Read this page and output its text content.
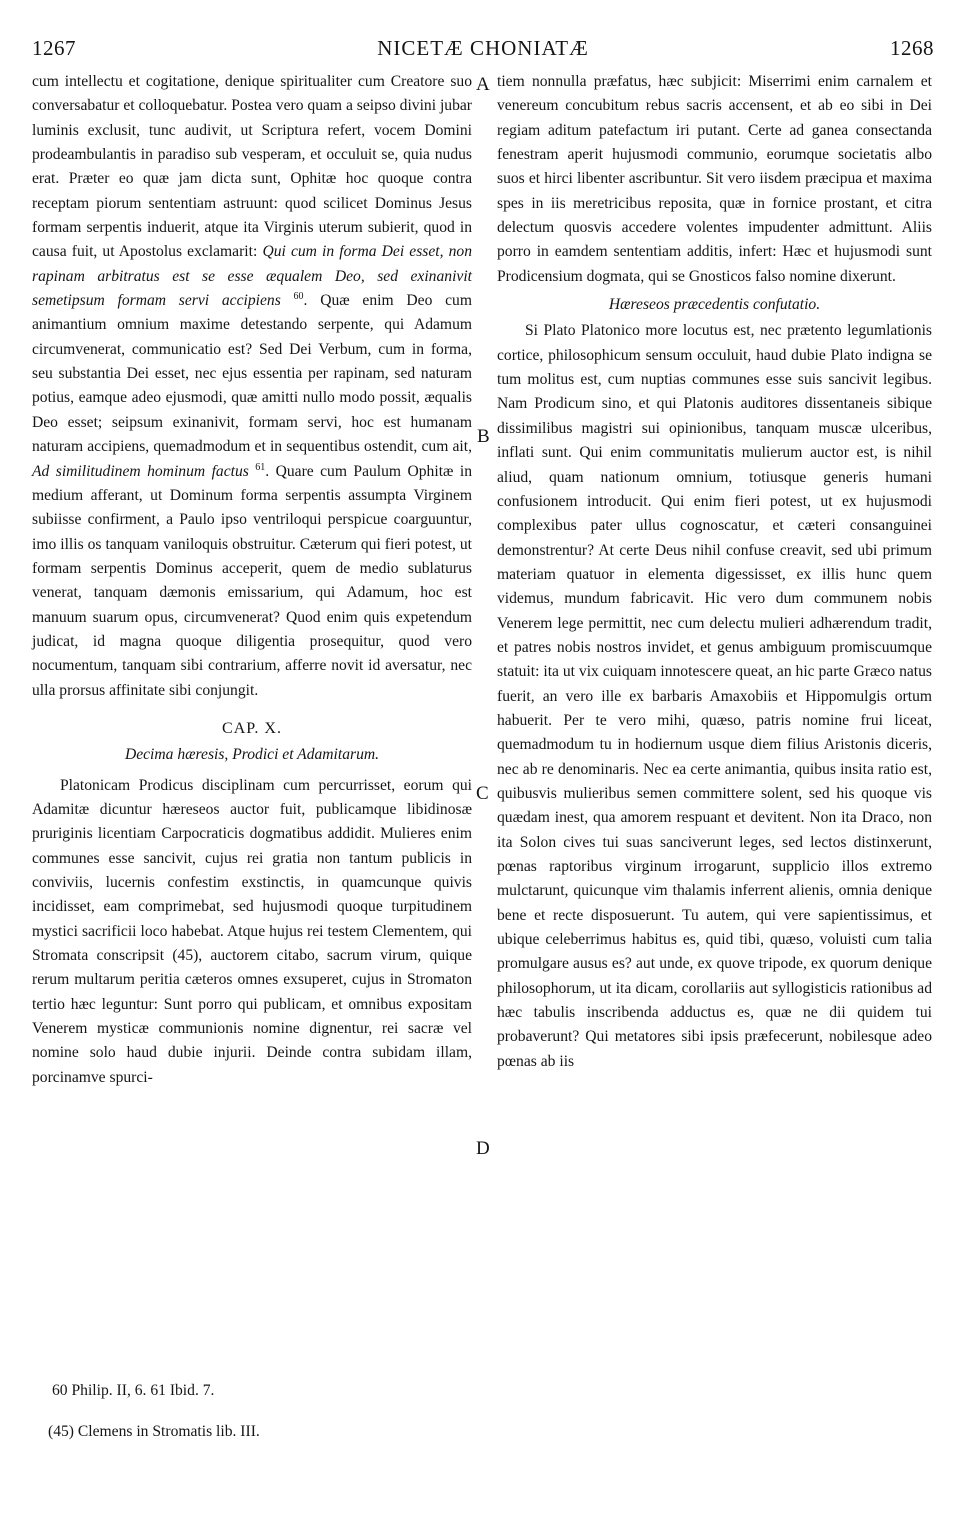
1267	NICETÆ CHONIATÆ	1268
A
B
C
D

cum intellectu et cogitatione, denique spiritualiter cum Creatore suo conversabatur et colloquebatur. Postea vero quam a seipso divini jubar luminis exclusit, tunc audivit, ut Scriptura refert, vocem Domini prodeambulantis in paradiso sub vesperam, et occuluit se, quia nudus erat. Præter eo quæ jam dicta sunt, Ophitæ hoc quoque contra receptam piorum sententiam astruunt: quod scilicet Dominus Jesus formam serpentis induerit, atque ita Virginis uterum subierit, quod in causa fuit, ut Apostolus exclamarit: Qui cum in forma Dei esset, non rapinam arbitratus est se esse æqualem Deo, sed exinanivit semetipsum formam servi accipiens $^{60}$. Quæ enim Deo cum animantium omnium maxime detestando serpente, qui Adamum circumvenerat, communicatio est? Sed Dei Verbum, cum in forma, seu substantia Dei esset, nec ejus essentia per rapinam, sed naturam potius, eamque adeo ejusmodi, quæ amitti nullo modo possit, æqualis Deo esset; seipsum exinanivit, formam servi, hoc est humanam naturam accipiens, quemadmodum et in sequentibus ostendit, cum ait, Ad similitudinem hominum factus $^{61}$. Quare cum Paulum Ophitæ in medium afferant, ut Dominum forma serpentis assumpta Virginem subiisse confirment, a Paulo ipso ventriloqui perspicue coarguuntur, imo illis os tanquam vaniloquis obstruitur. Cæterum qui fieri potest, ut formam serpentis Dominus acceperit, quem de medio sublaturus venerat, tanquam dæmonis emissarium, qui Adamum, hoc est manuum suarum opus, circumvenerat? Quod enim quis expetendum judicat, id magna quoque diligentia prosequitur, quod vero nocumentum, tanquam sibi contrarium, afferre novit id aversatur, nec ulla prorsus affinitate sibi conjungit.

CAP. X.
Decima hæresis, Prodici et Adamitarum.

Platonicam Prodicus disciplinam cum percurrisset, eorum qui Adamitæ dicuntur hæreseos auctor fuit, publicamque libidinosæ pruriginis licentiam Carpocraticis dogmatibus addidit. Mulieres enim communes esse sancivit, cujus rei gratia non tantum publicis in conviviis, lucernis confestim exstinctis, in quamcunque quivis incidisset, eam comprimebat, sed hujusmodi quoque turpitudinem mystici sacrificii loco habebat. Atque hujus rei testem Clementem, qui Stromata conscripsit (45), auctorem citabo, sacrum virum, quique rerum multarum peritia cæteros omnes exsuperet, cujus in Stromaton tertio hæc leguntur: Sunt porro qui publicam, et omnibus expositam Venerem mysticæ communionis nomine dignentur, rei sacræ vel nomine solo haud dubie injurii. Deinde contra subidam illam, porcinamve spurci-

tiem nonnulla præfatus, hæc subjicit: Miserrimi enim carnalem et venereum concubitum rebus sacris accensent, et ab eo sibi in Dei regiam aditum patefactum iri putant. Certe ad ganea consectanda fenestram aperit hujusmodi communio, eorumque societatis albo suos et hirci libenter ascribuntur. Sit vero iisdem præcipua et maxima spes in iis meretricibus reposita, quæ in fornice prostant, et citra delectum quosvis accedere volentes impudenter admittunt. Aliis porro in eamdem sententiam additis, infert: Hæc et hujusmodi sunt Prodicensium dogmata, qui se Gnosticos falso nomine dixerunt.

Hæreseos præcedentis confutatio.

Si Plato Platonico more locutus est, nec prætento legumlationis cortice, philosophicum sensum occuluit, haud dubie Plato indigna se tum molitus est, cum nuptias communes esse suis sancivit legibus. Nam Prodicum sino, et qui Platonis auditores dissentaneis sibique dissimilibus magistri sui opinionibus, tanquam muscæ ulceribus, inflati sunt. Qui enim communitatis mulierum auctor est, is nihil aliud, quam nationum omnium, totiusque generis humani confusionem introducit. Qui enim fieri potest, ut ex hujusmodi complexibus pater ullus cognoscatur, et cæteri consanguinei demonstrentur? At certe Deus nihil confuse creavit, sed ubi primum materiam quatuor in elementa digessisset, ex illis hunc quem videmus, mundum fabricavit. Hic vero dum communem nobis Venerem lege permittit, nec cum delectu mulieri adhærendum tradit, et patres nobis nostros invidet, et genus ambiguum promiscuumque statuit: ita ut vix cuiquam innotescere queat, an hic parte Græco natus fuerit, an vero ille ex barbaris Amaxobiis et Hippomulgis ortum habuerit. Per te vero mihi, quæso, patris nomine frui liceat, quemadmodum tu in hodiernum usque diem filius Aristonis diceris, nec ab re denominaris. Nec ea certe animantia, quibus insita ratio est, quibusvis mulieribus semen committere solent, sed his quoque vis quædam inest, qua amorem respuant et devitent. Non ita Draco, non ita Solon cives tui suas sanciverunt leges, sed lectos distinxerunt, pœnas raptoribus virginum irrogarunt, supplicio illos extremo mulctarunt, quicunque vim thalamis inferrent alienis, omnia denique bene et recte disposuerunt. Tu autem, qui vere sapientissimus, et ubique celeberrimus habitus es, quid tibi, quæso, voluisti cum talia promulgare ausus es? aut unde, ex quove tripode, ex quorum denique philosophorum, ut ita dicam, corollariis aut syllogisticis rationibus ad hæc tabulis inscribenda adductus es, quæ ne dii quidem tui probaverunt? Qui metatores sibi ipsis præfecerunt, nobilesque adeo pœnas ab iis

60 Philip. II, 6. 61 Ibid. 7.
(45) Clemens in Stromatis lib. III.
